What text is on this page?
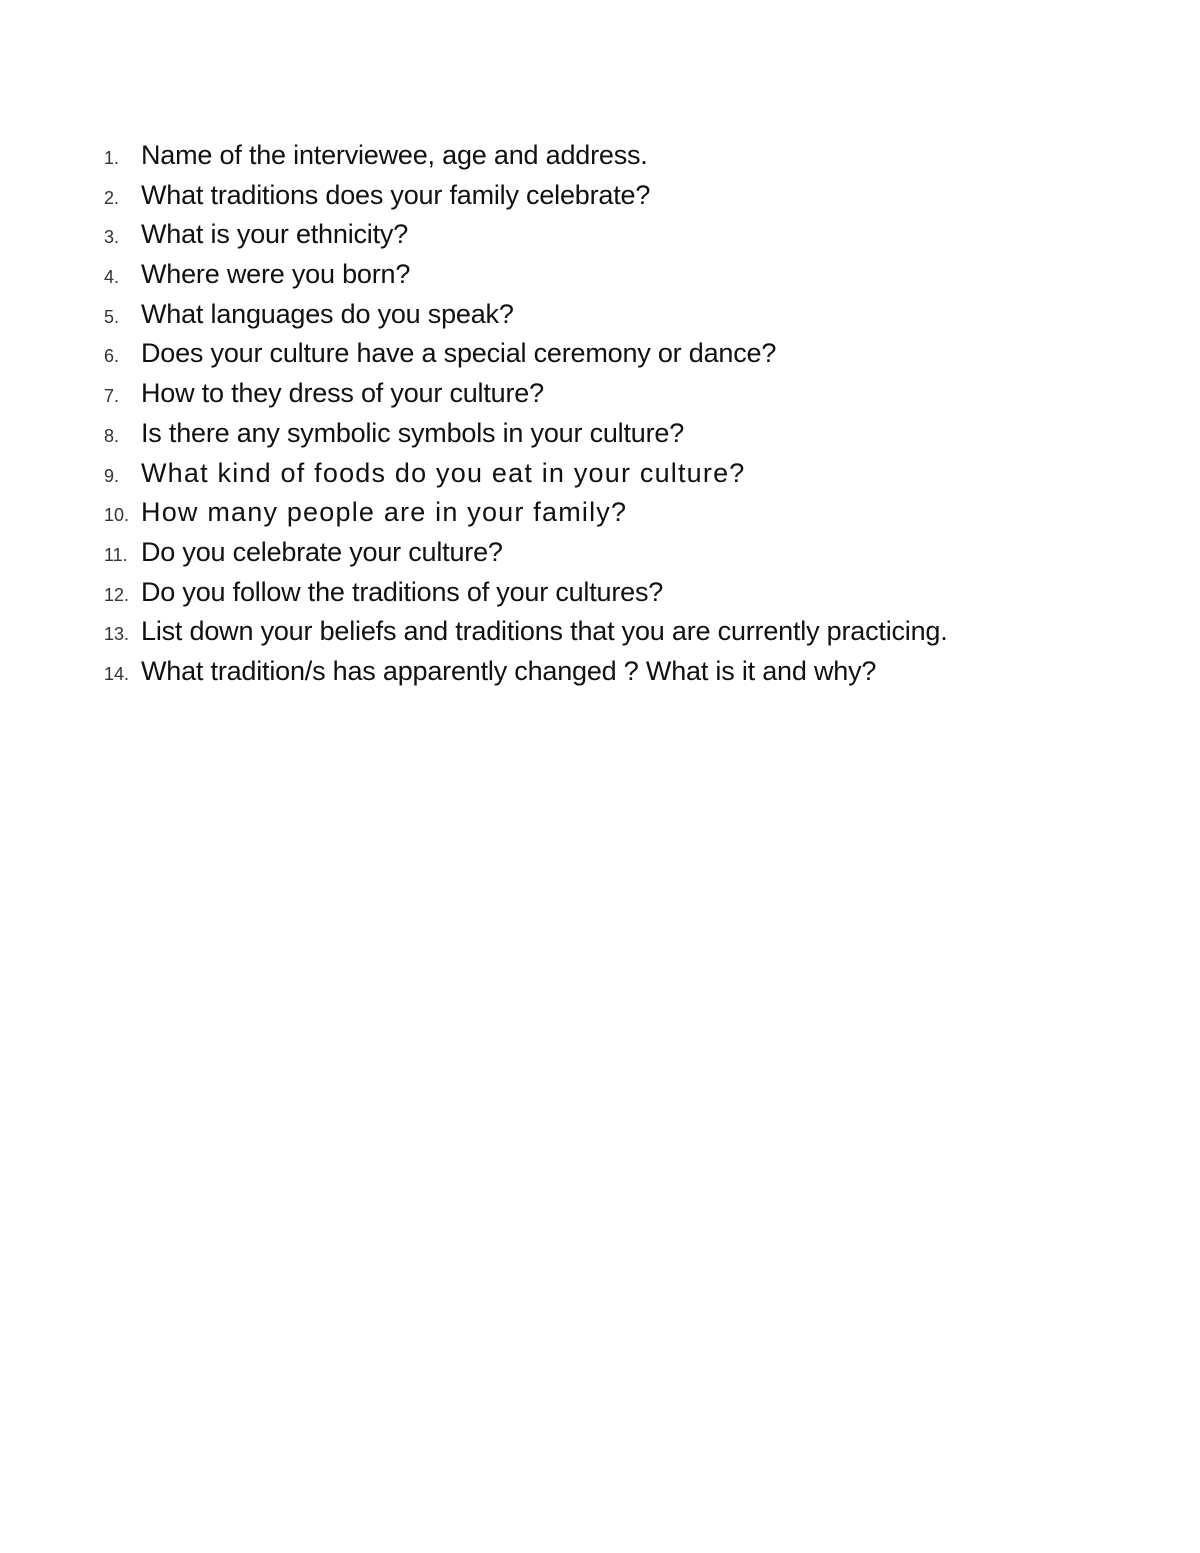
1. Name of the interviewee, age and address.
2. What traditions does your family celebrate?
3. What is your ethnicity?
4. Where were you born?
5. What languages do you speak?
6. Does your culture have a special ceremony or dance?
7. How to they dress of your culture?
8. Is there any symbolic symbols in your culture?
9. What kind of foods do you eat in your culture?
10. How many people are in your family?
11. Do you celebrate your culture?
12. Do you follow the traditions of your cultures?
13. List down your beliefs and traditions that you are currently practicing.
14. What tradition/s has apparently changed ? What is it and why?
